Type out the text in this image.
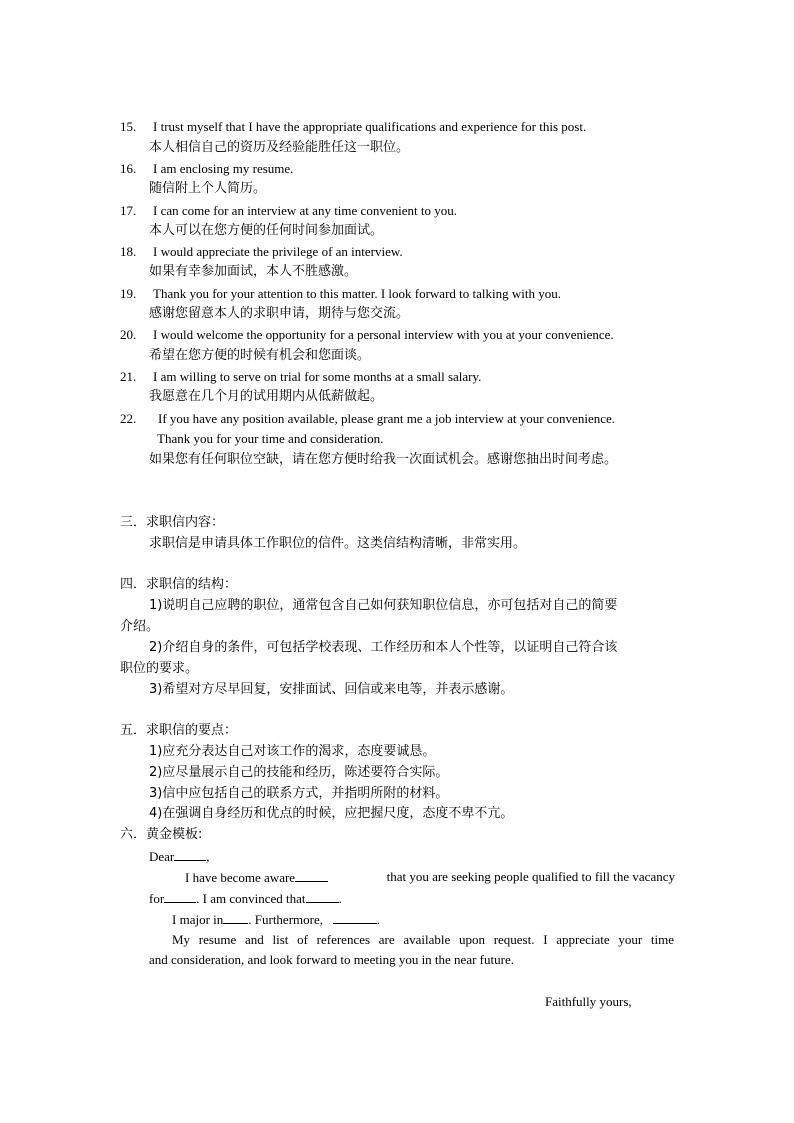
15. I trust myself that I have the appropriate qualifications and experience for this post.
本人相信自己的资历及经验能胜任这一职位。
16. I am enclosing my resume.
随信附上个人简历。
17. I can come for an interview at any time convenient to you.
本人可以在您方便的任何时间参加面试。
18. I would appreciate the privilege of an interview.
如果有幸参加面试，本人不胜感激。
19. Thank you for your attention to this matter. I look forward to talking with you.
感谢您留意本人的求职申请，期待与您交流。
20. I would welcome the opportunity for a personal interview with you at your convenience.
希望在您方便的时候有机会和您面谈。
21. I am willing to serve on trial for some months at a small salary.
我愿意在几个月的试用期内从低薪做起。
22. If you have any position available, please grant me a job interview at your convenience.
Thank you for your time and consideration.
如果您有任何职位空缺，请在您方便时给我一次面试机会。感谢您抽出时间考虑。
三．求职信内容：
求职信是申请具体工作职位的信件。这类信结构清晰，非常实用。
四．求职信的结构：
1)说明自己应聘的职位，通常包含自己如何获知职位信息，亦可包括对自己的简要
介绍。
2)介绍自身的条件，可包括学校表现、工作经历和本人个性等，以证明自己符合该
职位的要求。
3)希望对方尽早回复，安排面试、回信或来电等，并表示感谢。
五．求职信的要点：
1)应充分表达自己对该工作的渴求，态度要诚恳。
2)应尽量展示自己的技能和经历，陈述要符合实际。
3)信中应包括自己的联系方式，并指明所附的材料。
4)在强调自身经历和优点的时候，应把握尺度，态度不卑不亢。
六．黄金模板:
Dear ,
I have become aware	that you are seeking people qualified to fill the vacancy
for . I am convinced that	.
I major in . Furthermore,	.
My resume and list of references are available upon request. I appreciate your time
and consideration, and look forward to meeting you in the near future.
Faithfully yours,
